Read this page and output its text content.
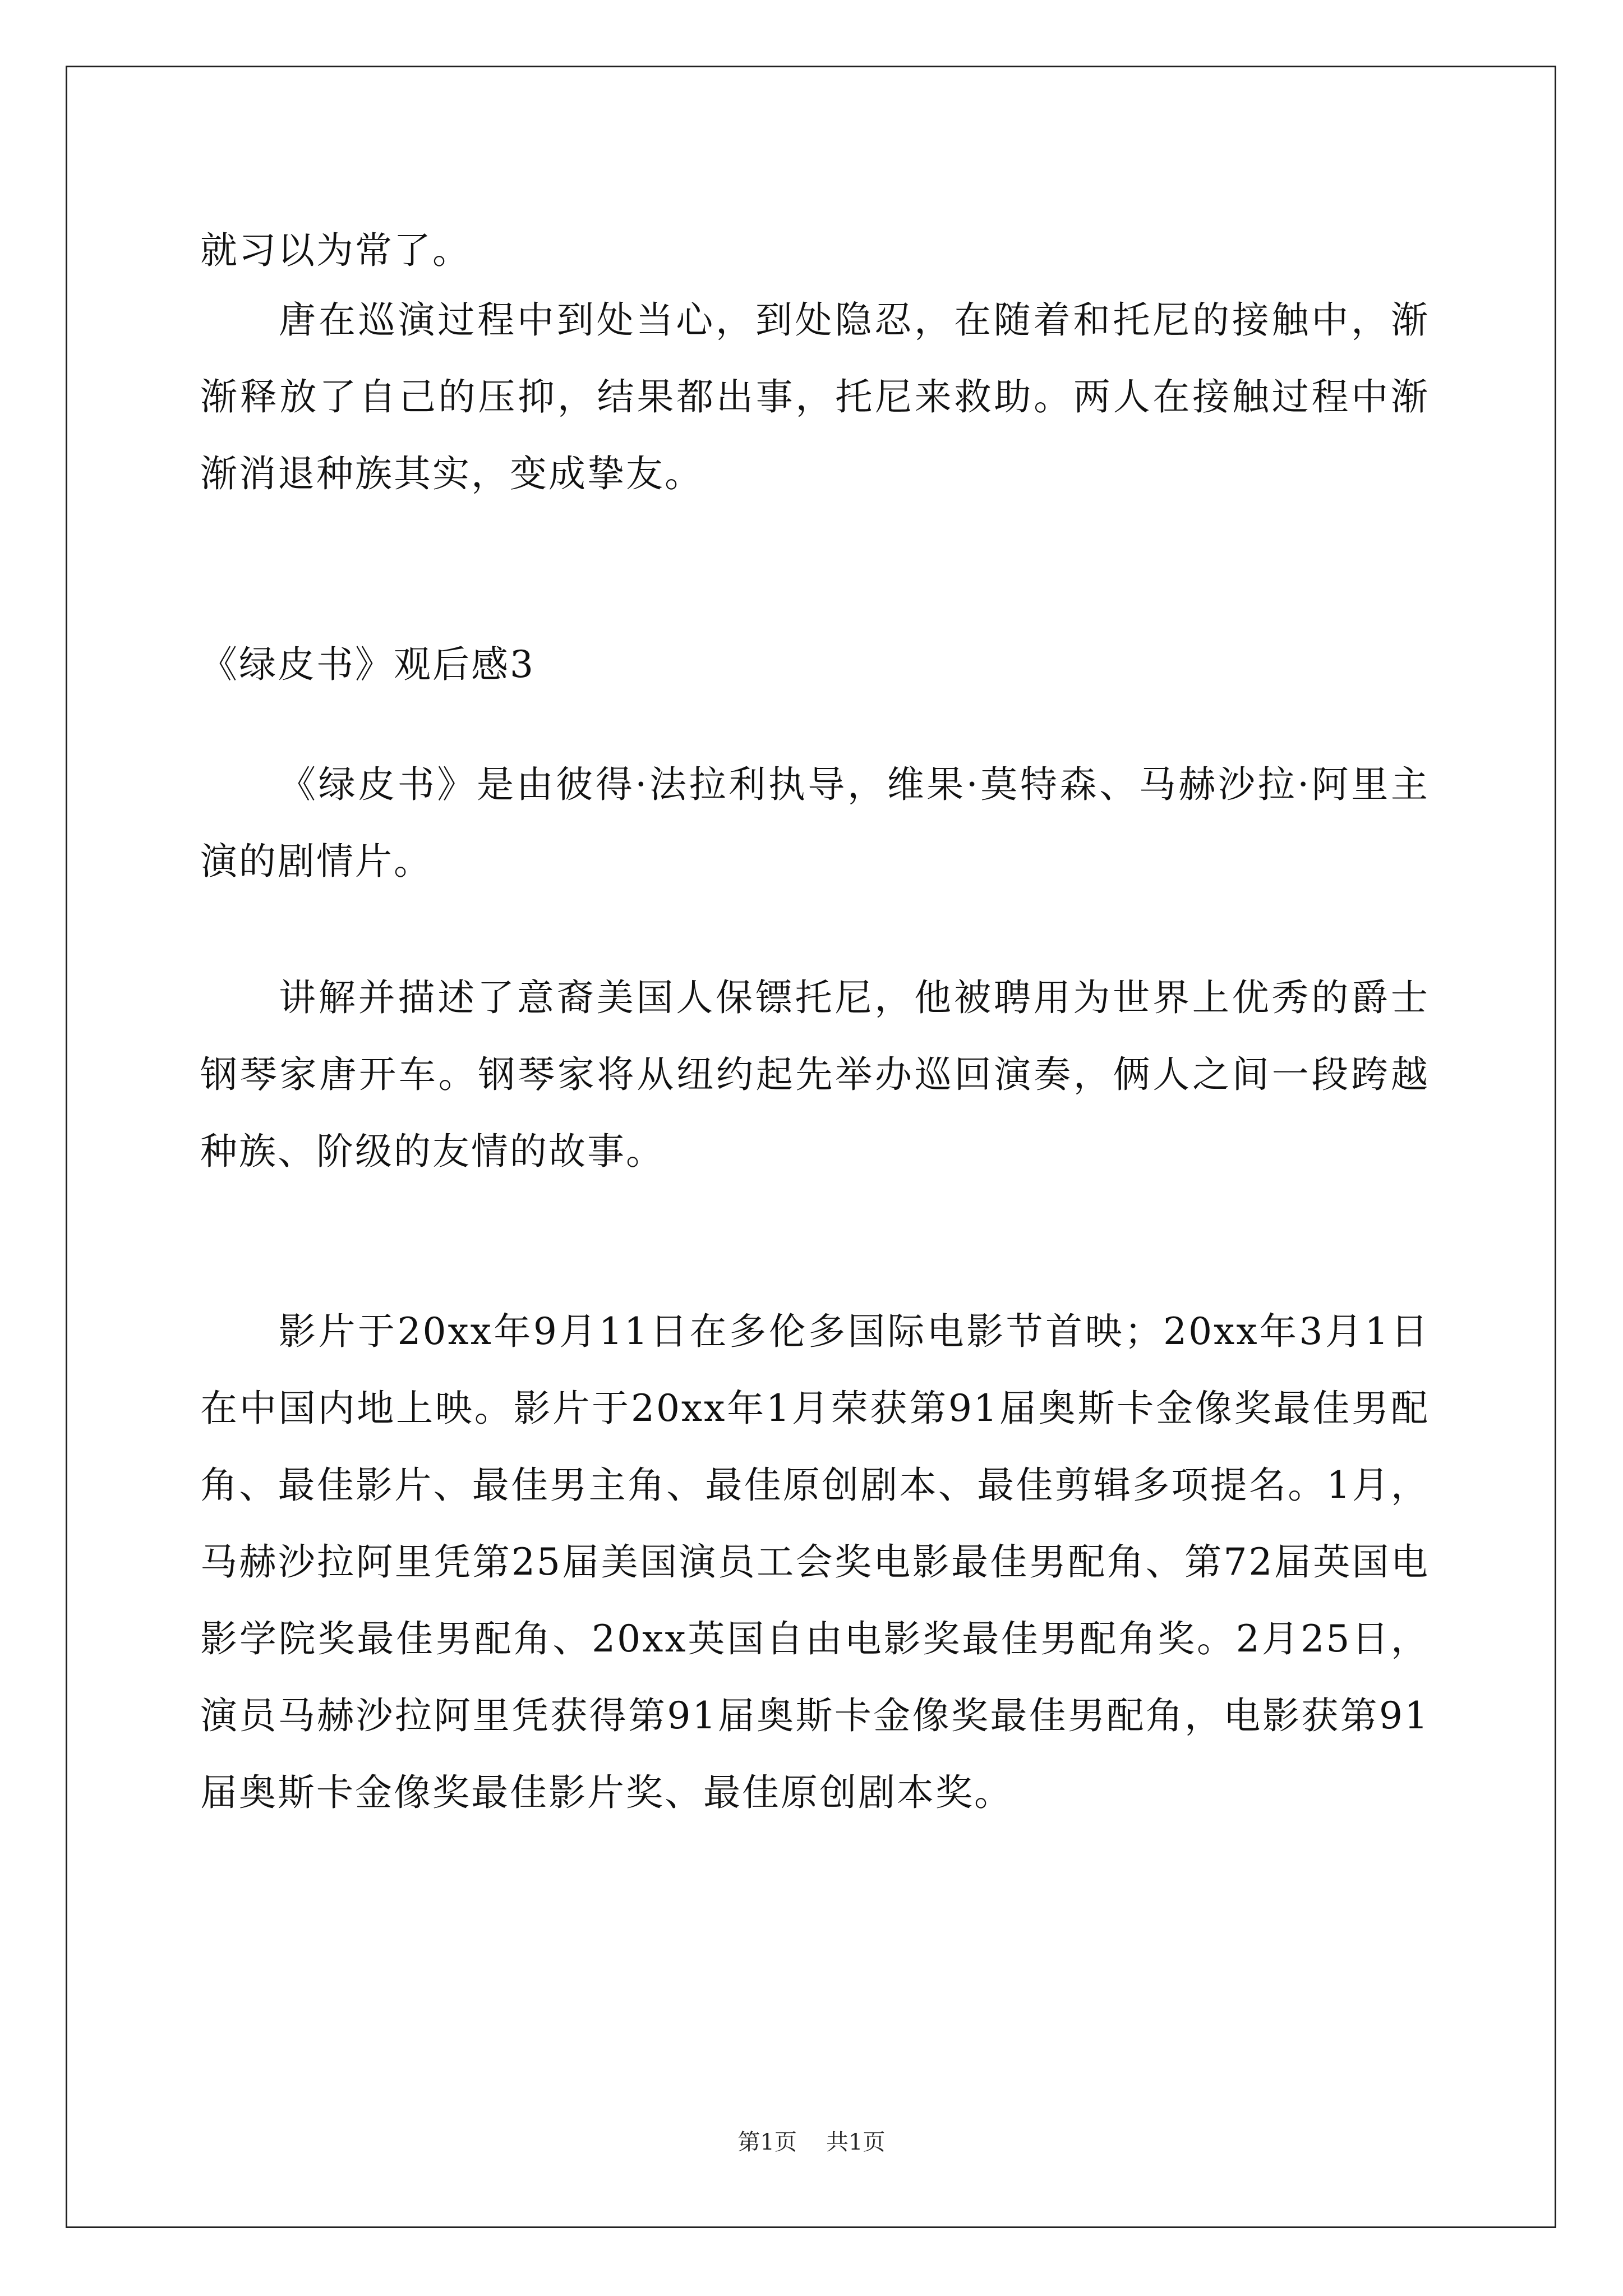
就习以为常了。

唐在巡演过程中到处当心，到处隐忍，在随着和托尼的接触中，渐渐释放了自己的压抑，结果都出事，托尼来救助。两人在接触过程中渐渐消退种族其实，变成挚友。

《绿皮书》观后感3

《绿皮书》是由彼得·法拉利执导，维果·莫特森、马赫沙拉·阿里主演的剧情片。

讲解并描述了意裔美国人保镖托尼，他被聘用为世界上优秀的爵士钢琴家唐开车。钢琴家将从纽约起先举办巡回演奏，俩人之间一段跨越种族、阶级的友情的故事。

影片于20xx年9月11日在多伦多国际电影节首映；20xx年3月1日在中国内地上映。影片于20xx年1月荣获第91届奥斯卡金像奖最佳男配角、最佳影片、最佳男主角、最佳原创剧本、最佳剪辑多项提名。1月，马赫沙拉阿里凭第25届美国演员工会奖电影最佳男配角、第72届英国电影学院奖最佳男配角、20xx英国自由电影奖最佳男配角奖。2月25日，演员马赫沙拉阿里凭获得第91届奥斯卡金像奖最佳男配角，电影获第91届奥斯卡金像奖最佳影片奖、最佳原创剧本奖。

第1页 共1页
